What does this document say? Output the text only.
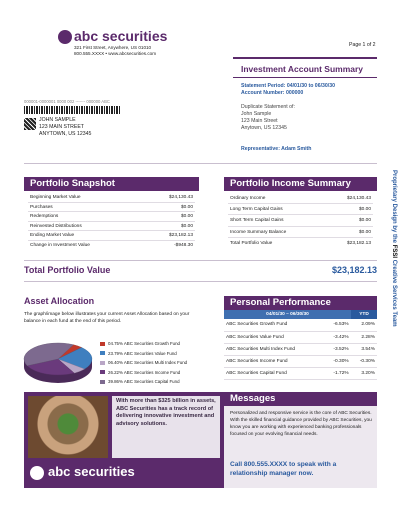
abc securities
321 First Street, Anywhere, US 01010
800.555.XXXX • www.abcsecurities.com
Page 1 of 2
Investment Account Summary
Statement Period: 04/01/30 to 06/30/30
Account Number: 000000
Duplicate Statement of:
John Sample
123 Main Street
Anytown, US 12345
Representative: Adam Smith
000001-0000001 0000 002 ------- 000000 ABC
JOHN SAMPLE
123 MAIN STREET
ANYTOWN, US 12345
Proprietary Design by the FSSI Creative Services Team
Portfolio Snapshot
Beginning Market Value	$24,130.43
Purchases	$0.00
Redemptions	$0.00
Reinvested Distributions	$0.00
Ending Market Value	$23,182.13
Change in Investment Value	-$948.30
Portfolio Income Summary
Ordinary Income	$24,130.43
Long Term Capital Gains	$0.00
Short Term Capital Gains	$0.00
Income Summary Balance	$0.00
Total Portfolio Value	$23,182.13
Total Portfolio Value	$23,182.13
Asset Allocation
The graph/image below illustrates your current Asset Allocation based on your balance in each fund at the end of this period.
04.75% ABC Securities Growth Fund
23.79% ABC Securities Value Fund
06.40% ABC Securities Multi Index Fund
26.22% ABC Securities Income Fund
39.86% ABC Securities Capital Fund
Personal Performance
04/01/30 – 06/30/30	YTD
ABC Securities Growth Fund	-6.53%	2.09%
ABC Securities Value Fund	-3.42%	2.28%
ABC Securities Multi Index Fund	-3.52%	3.54%
ABC Securities Income Fund	-0.30%	-0.30%
ABC Securities Capital Fund	-1.72%	3.20%
With more than $325 billion in assets, ABC Securities has a track record of delivering innovative investment and advisory solutions.
abc securities
Messages
Personalized and responsive service is the core of ABC Securities. With the skilled financial guidance provided by ABC Securities, you know you are working with experienced banking professionals focused on your evolving financial needs.
Call 800.555.XXXX to speak with a relationship manager now.
